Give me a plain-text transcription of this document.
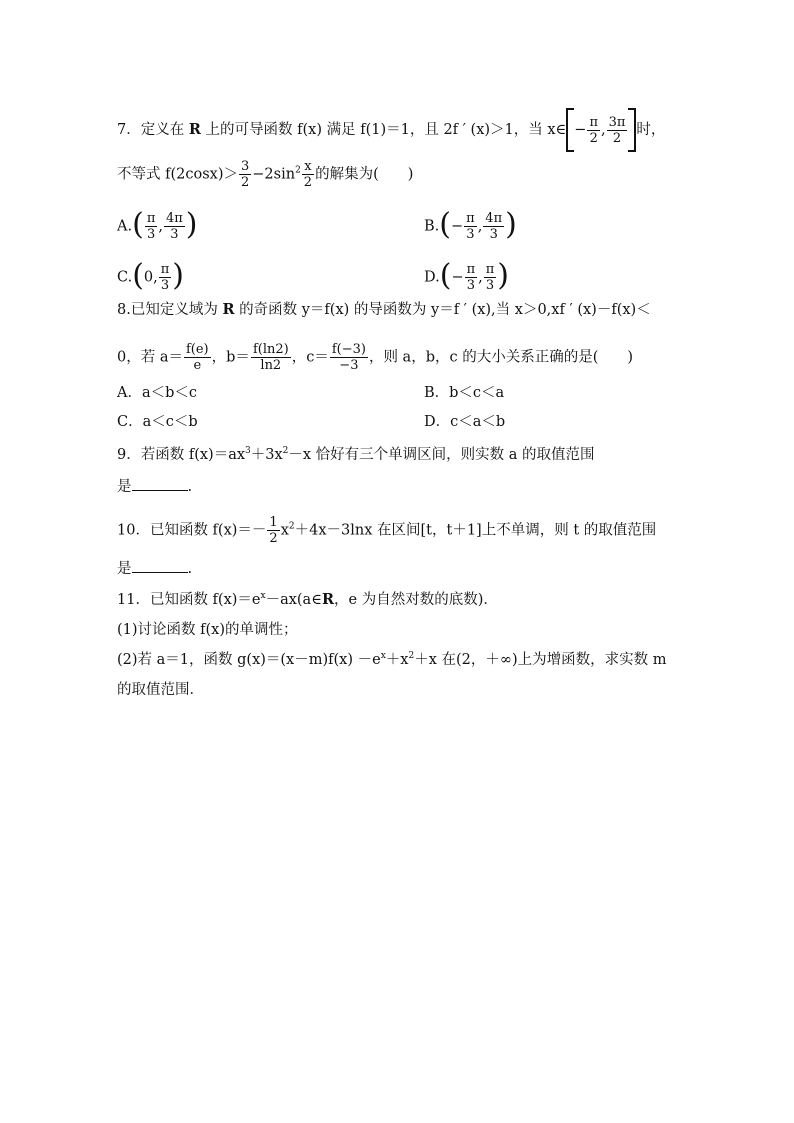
7．定义在 R 上的可导函数 f(x) 满足 f(1)＝1，且 2f ′ (x)＞1，当 x∈ − $\frac{\pi}{2}$ , $\frac{3\pi}{2}$ 时，
不等式 $f(2\cos x)> \frac{3}{2} -2\sin^2 \frac{x}{2}$ 的解集为(　　)
$A.( \frac{\pi}{3}$ , $\frac{4\pi}{3}$ )	$B.(- \frac{\pi}{3}$ , $\frac{4\pi}{3}$ )
C.(0, $\frac{\pi}{3}$ )	$D.(- \frac{\pi}{3}$ , $\frac{\pi}{3}$ )
8.已知定义域为 R 的奇函数 y＝f(x) 的导函数为 y＝f ′ (x),当 x＞0,xf ′ (x)－f(x)＜
0，若 $a= \frac{f(e)}{e}$ ，$b= \frac{f(\ln 2)}{\ln 2}$ ，$c= \frac{f(-3)}{-3}$ ，则 a，b，c 的大小关系正确的是(　　)
A．a＜b＜c	B．b＜c＜a
C．a＜c＜b	D．c＜a＜b
9．若函数 $f(x)=ax^3+3x^2-x$ 恰好有三个单调区间，则实数 a 的取值范围
是	.
10．已知函数 $f(x)=- \frac{1}{2} x^2+4x-3\ln x$ 在区间[t，t＋1]上不单调，则 t 的取值范围
是	.
11．已知函数 $f(x)=e^x-ax(a\in R$，e 为自然对数的底数)．
(1)讨论函数 f(x)的单调性；
(2)若 a＝1，函数 $g(x)=(x-m)f(x) -e^x+x^2+x$ 在(2，＋∞)上为增函数，求实数 m
的取值范围．
